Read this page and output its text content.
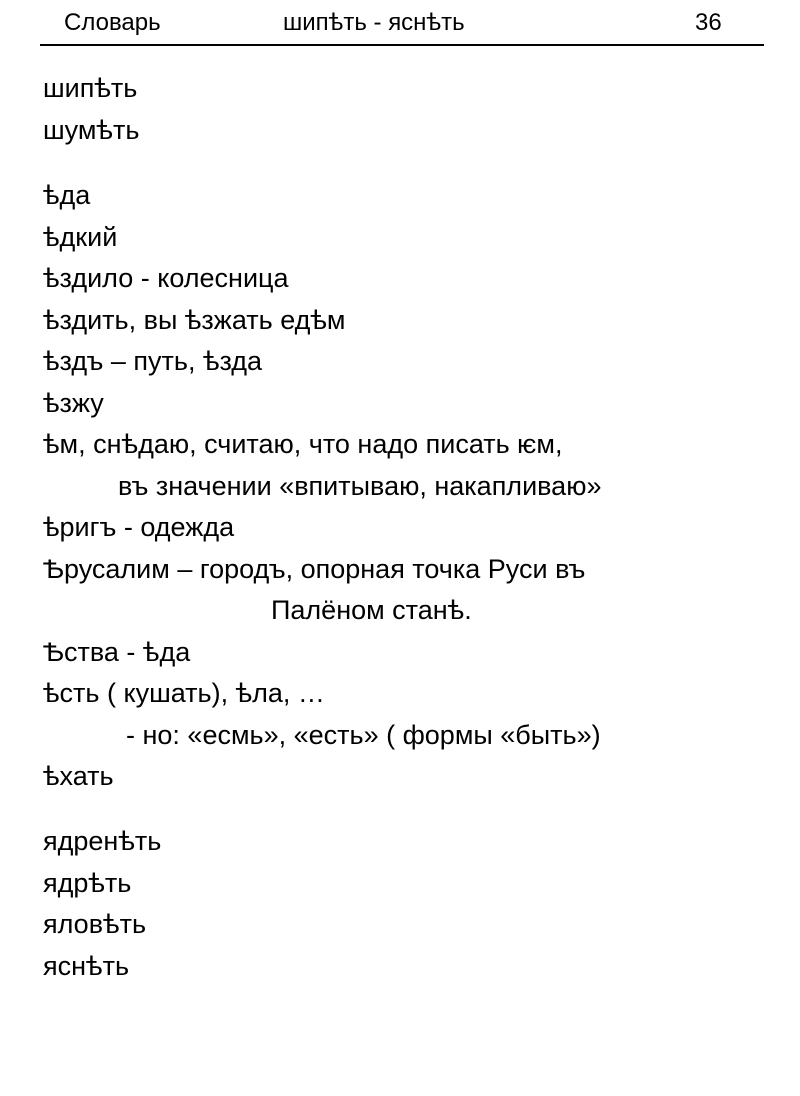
Словарь	шипѣть - яснѣть	36
шипѣть
шумѣть
ѣда
ѣдкий
ѣздило - колесница
ѣздить, вы ѣзжать едѣм
ѣздъ – путь, ѣзда
ѣзжу
ѣм, снѣдаю, считаю, что надо писать ѥм,
въ значении «впитываю, накапливаю»
ѣригъ - одежда
Ѣрусалим – городъ, опорная точка Руси въ
Палёном станѣ.
Ѣства - ѣда
ѣсть ( кушать), ѣла, …
- но: «есмь», «есть» ( формы «быть»)
ѣхать
ядренѣть
ядрѣть
яловѣть
яснѣть
